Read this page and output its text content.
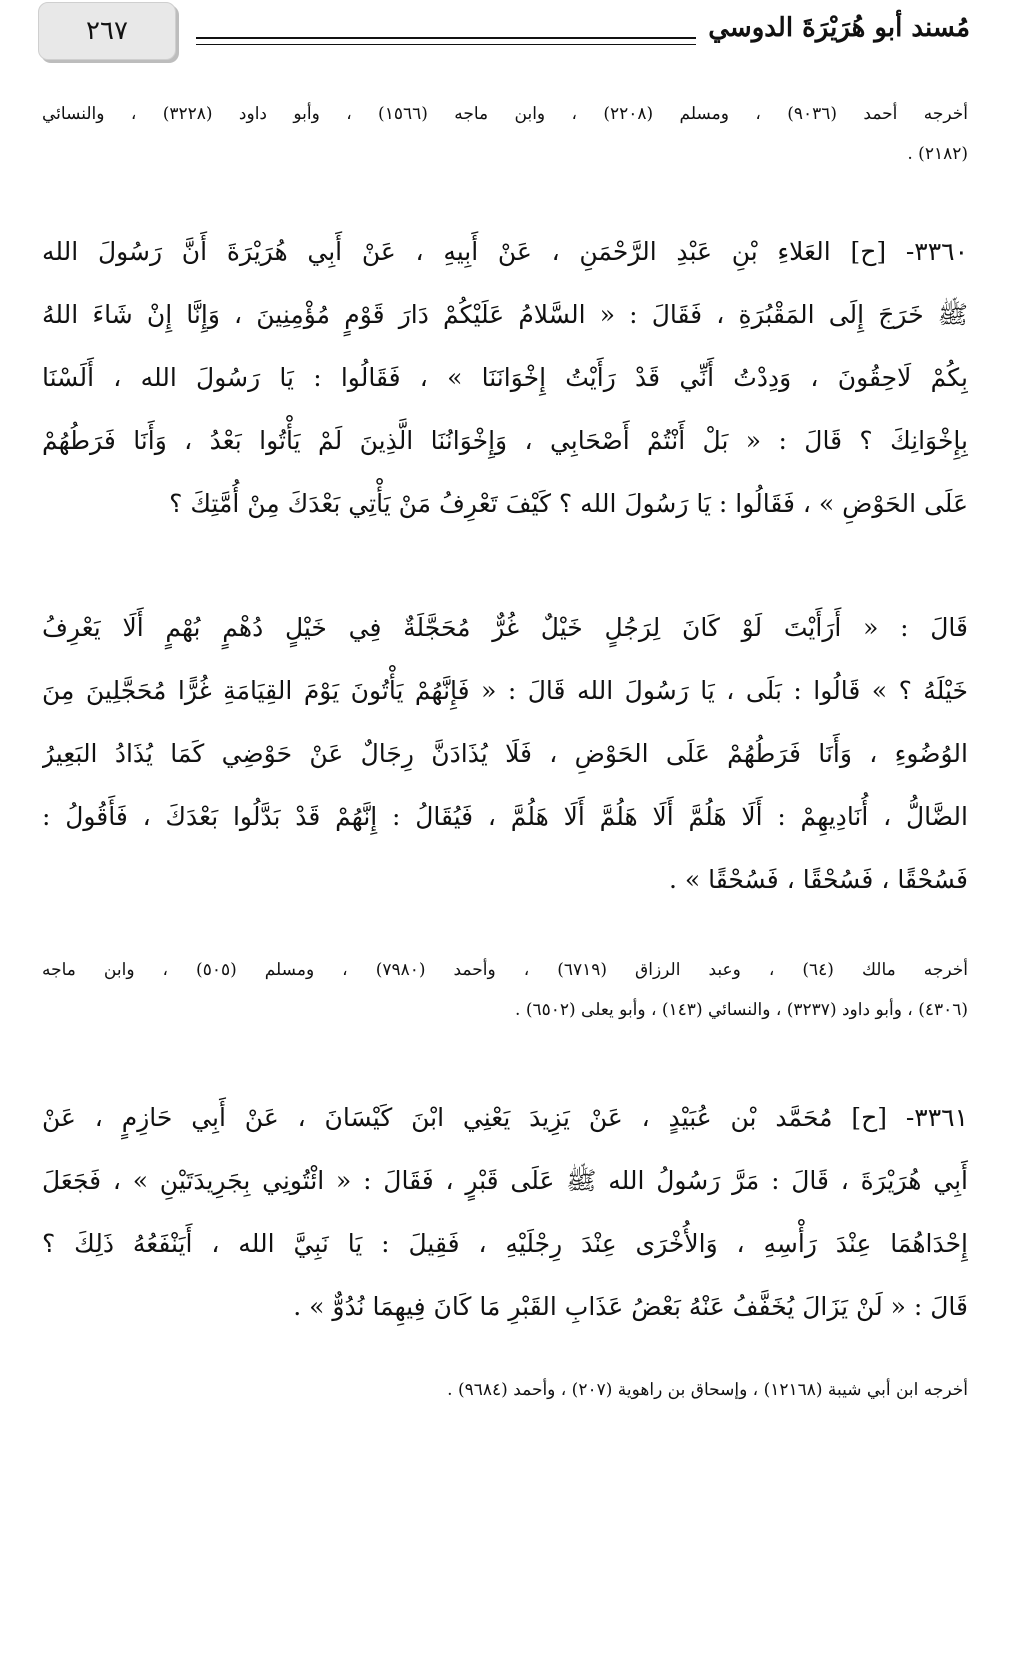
٢٦٧	مُسند أبو هُرَيْرَةَ الدوسي
أخرجه أحمد (٩٠٣٦) ، ومسلم (٢٢٠٨) ، وابن ماجه (١٥٦٦) ، وأبو داود (٣٢٢٨) ، والنسائي
(٢١٨٢) .
٣٣٦٠- [ح] العَلاءِ بْنِ عَبْدِ الرَّحْمَنِ ، عَنْ أَبِيهِ ، عَنْ أَبِي هُرَيْرَةَ أَنَّ رَسُولَ الله
ﷺ خَرَجَ إِلَى المَقْبُرَةِ ، فَقَالَ : « السَّلامُ عَلَيْكُمْ دَارَ قَوْمٍ مُؤْمِنِينَ ، وَإِنَّا إِنْ شَاءَ اللهُ
بِكُمْ لَاحِقُونَ ، وَدِدْتُ أَنِّي قَدْ رَأَيْتُ إِخْوَانَنَا » ، فَقَالُوا : يَا رَسُولَ الله ، أَلَسْنَا
بِإِخْوَانِكَ ؟ قَالَ : « بَلْ أَنْتُمْ أَصْحَابِي ، وَإِخْوَانُنَا الَّذِينَ لَمْ يَأْتُوا بَعْدُ ، وَأَنَا فَرَطُهُمْ
عَلَى الحَوْضِ » ، فَقَالُوا : يَا رَسُولَ الله ؟ كَيْفَ تَعْرِفُ مَنْ يَأْتِي بَعْدَكَ مِنْ أُمَّتِكَ ؟
قَالَ : « أَرَأَيْتَ لَوْ كَانَ لِرَجُلٍ خَيْلٌ غُرٌّ مُحَجَّلَةٌ فِي خَيْلٍ دُهْمٍ بُهْمٍ أَلَا يَعْرِفُ
خَيْلَهُ ؟ » قَالُوا : بَلَى ، يَا رَسُولَ الله قَالَ : « فَإِنَّهُمْ يَأْتُونَ يَوْمَ القِيَامَةِ غُرًّا مُحَجَّلِينَ مِنَ
الوُضُوءِ ، وَأَنَا فَرَطُهُمْ عَلَى الحَوْضِ ، فَلَا يُذَادَنَّ رِجَالٌ عَنْ حَوْضِي كَمَا يُذَادُ البَعِيرُ
الضَّالُّ ، أُنَادِيهِمْ : أَلَا هَلُمَّ أَلَا هَلُمَّ أَلَا هَلُمَّ ، فَيُقَالُ : إِنَّهُمْ قَدْ بَدَّلُوا بَعْدَكَ ، فَأَقُولُ :
فَسُحْقًا ، فَسُحْقًا ، فَسُحْقًا » .
أخرجه مالك (٦٤) ، وعبد الرزاق (٦٧١٩) ، وأحمد (٧٩٨٠) ، ومسلم (٥٠٥) ، وابن ماجه
(٤٣٠٦) ، وأبو داود (٣٢٣٧) ، والنسائي (١٤٣) ، وأبو يعلى (٦٥٠٢) .
٣٣٦١- [ح] مُحَمَّد بْن عُبَيْدٍ ، عَنْ يَزِيدَ يَعْنِي ابْنَ كَيْسَانَ ، عَنْ أَبِي حَازِمٍ ، عَنْ
أَبِي هُرَيْرَةَ ، قَالَ : مَرَّ رَسُولُ الله ﷺ عَلَى قَبْرٍ ، فَقَالَ : « ائْتُونِي بِجَرِيدَتَيْنِ » ، فَجَعَلَ
إِحْدَاهُمَا عِنْدَ رَأْسِهِ ، وَالأُخْرَى عِنْدَ رِجْلَيْهِ ، فَقِيلَ : يَا نَبِيَّ الله ، أَيَنْفَعُهُ ذَلِكَ ؟
قَالَ : « لَنْ يَزَالَ يُخَفَّفُ عَنْهُ بَعْضُ عَذَابِ القَبْرِ مَا كَانَ فِيهِمَا نُدُوٌّ » .
أخرجه ابن أبي شيبة (١٢١٦٨) ، وإسحاق بن راهوية (٢٠٧) ، وأحمد (٩٦٨٤) .
